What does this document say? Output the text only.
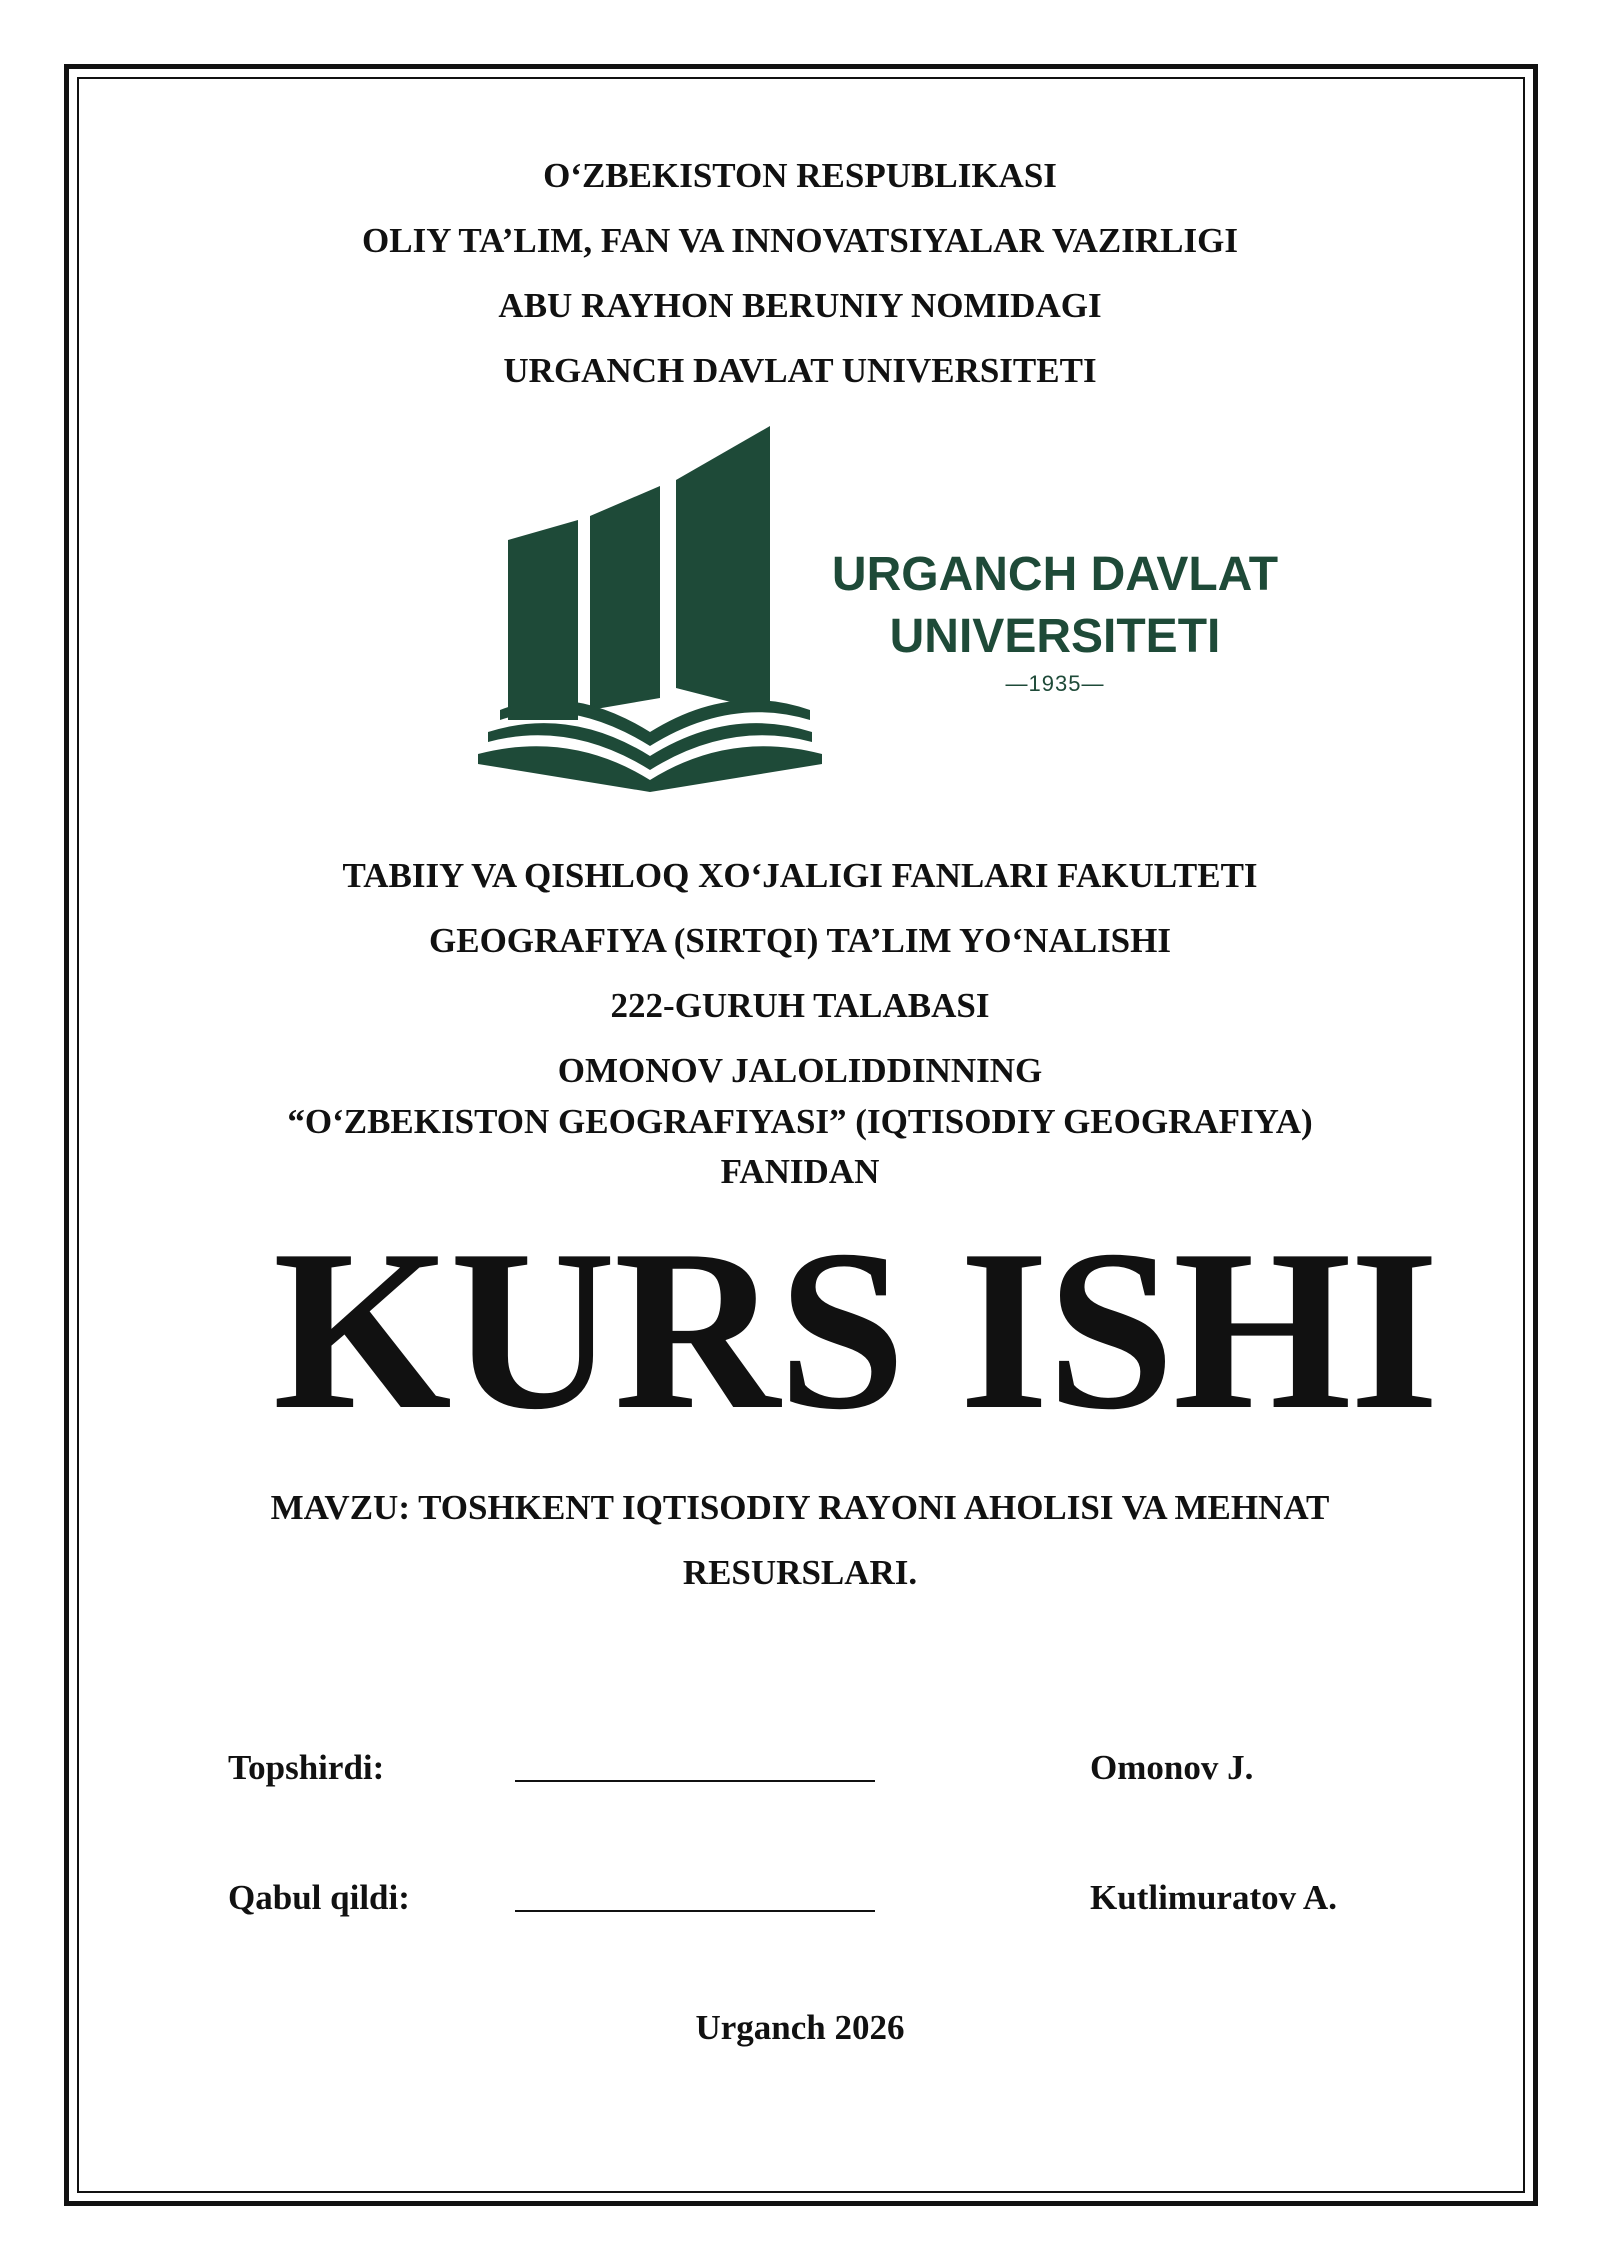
O‘ZBEKISTON RESPUBLIKASI
OLIY TA’LIM, FAN VA INNOVATSIYALAR VAZIRLIGI
ABU RAYHON BERUNIY NOMIDAGI
URGANCH DAVLAT UNIVERSITETI
URGANCH DAVLAT
UNIVERSITETI
—1935—
TABIIY VA QISHLOQ XO‘JALIGI FANLARI FAKULTETI
GEOGRAFIYA (SIRTQI) TA’LIM YO‘NALISHI
222-GURUH TALABASI
OMONOV JALOLIDDINNING
“O‘ZBEKISTON GEOGRAFIYASI” (IQTISODIY GEOGRAFIYA)
FANIDAN
KURS ISHI
MAVZU: TOSHKENT IQTISODIY RAYONI AHOLISI VA MEHNAT
RESURSLARI.
Topshirdi:	Omonov J.
Qabul qildi:	Kutlimuratov A.
Urganch 2026
